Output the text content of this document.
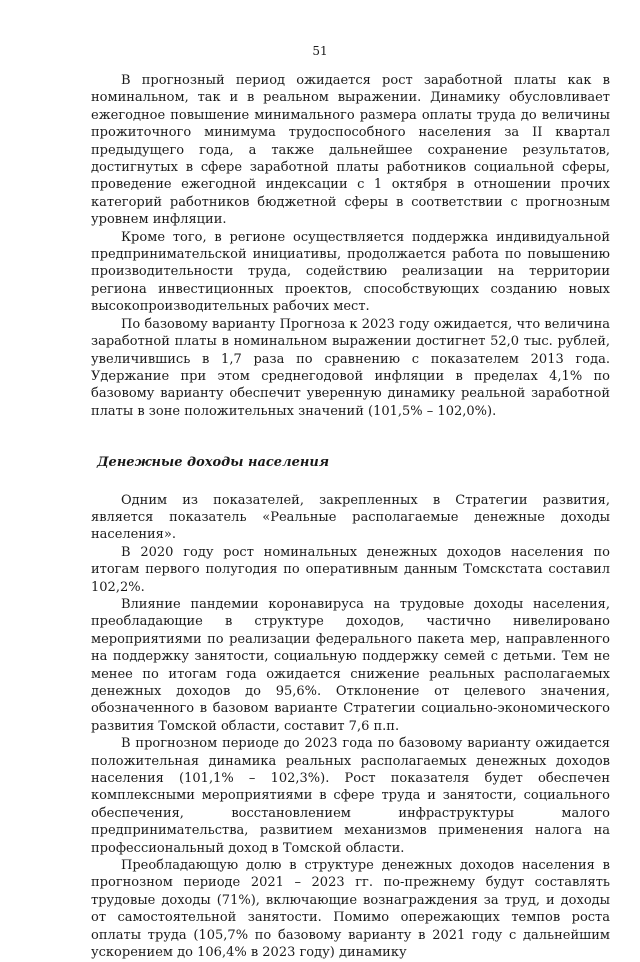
51

В прогнозный период ожидается рост заработной платы как в номинальном, так и в реальном выражении. Динамику обусловливает ежегодное повышение минимального размера оплаты труда до величины прожиточного минимума трудоспособного населения за II квартал предыдущего года, а также дальнейшее сохранение результатов, достигнутых в сфере заработной платы работников социальной сферы, проведение ежегодной индексации с 1 октября в отношении прочих категорий работников бюджетной сферы в соответствии с прогнозным уровнем инфляции.

Кроме того, в регионе осуществляется поддержка индивидуальной предпринимательской инициативы, продолжается работа по повышению производительности труда, содействию реализации на территории региона инвестиционных проектов, способствующих созданию новых высокопроизводительных рабочих мест.

По базовому варианту Прогноза к 2023 году ожидается, что величина заработной платы в номинальном выражении достигнет 52,0 тыс. рублей, увеличившись в 1,7 раза по сравнению с показателем 2013 года. Удержание при этом среднегодовой инфляции в пределах 4,1% по базовому варианту обеспечит уверенную динамику реальной заработной платы в зоне положительных значений (101,5% – 102,0%).

Денежные доходы населения

Одним из показателей, закрепленных в Стратегии развития, является показатель «Реальные располагаемые денежные доходы населения».

В 2020 году рост номинальных денежных доходов населения по итогам первого полугодия по оперативным данным Томскстата составил 102,2%.

Влияние пандемии коронавируса на трудовые доходы населения, преобладающие в структуре доходов, частично нивелировано мероприятиями по реализации федерального пакета мер, направленного на поддержку занятости, социальную поддержку семей с детьми. Тем не менее по итогам года ожидается снижение реальных располагаемых денежных доходов до 95,6%. Отклонение от целевого значения, обозначенного в базовом варианте Стратегии социально-экономического развития Томской области, составит 7,6 п.п.

В прогнозном периоде до 2023 года по базовому варианту ожидается положительная динамика реальных располагаемых денежных доходов населения (101,1% – 102,3%). Рост показателя будет обеспечен комплексными мероприятиями в сфере труда и занятости, социального обеспечения, восстановлением инфраструктуры малого предпринимательства, развитием механизмов применения налога на профессиональный доход в Томской области.

Преобладающую долю в структуре денежных доходов населения в прогнозном периоде 2021 – 2023 гг. по-прежнему будут составлять трудовые доходы (71%), включающие вознаграждения за труд, и доходы от самостоятельной занятости. Помимо опережающих темпов роста оплаты труда (105,7% по базовому варианту в 2021 году с дальнейшим ускорением до 106,4% в 2023 году) динамику
